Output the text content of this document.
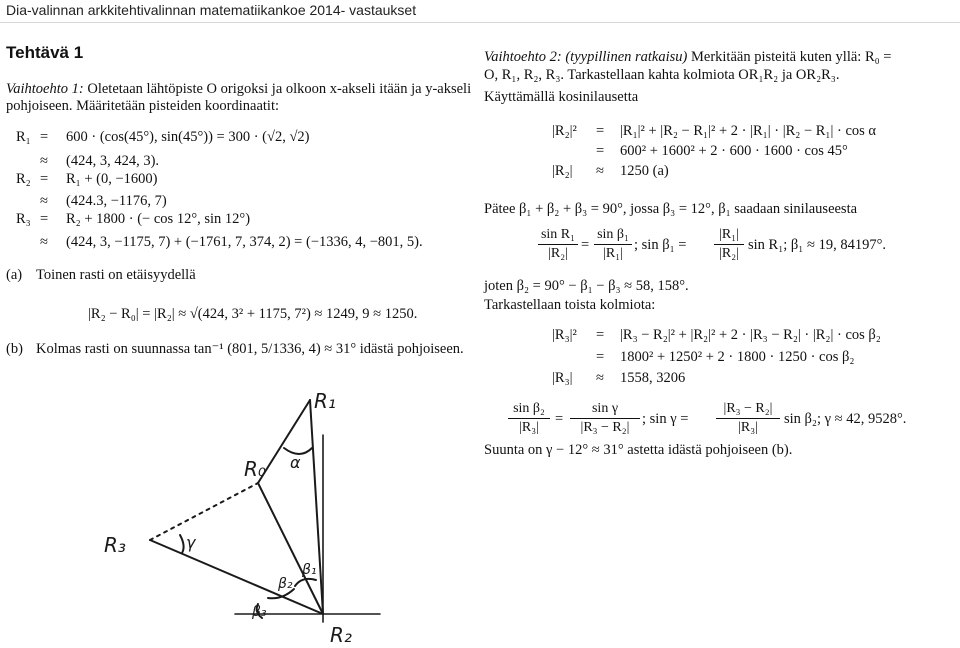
Dia-valinnan arkkitehtivalinnan matematiikankoe 2014- vastaukset
Tehtävä 1
Vaihtoehto 1: Oletetaan lähtöpiste O origoksi ja olkoon x-akseli itään ja y-akseli
pohjoiseen. Määritetään pisteiden koordinaatit:
R₁ = 600 · (cos(45°), sin(45°)) = 300 · (√2, √2)
≈ (424, 3, 424, 3).
R₂ = R₁ + (0, −1600)
≈ (424.3, −1176, 7)
R₃ = R₂ + 1800 · (− cos 12°, sin 12°)
≈ (424, 3, −1175, 7) + (−1761, 7, 374, 2) = (−1336, 4, −801, 5).
(a) Toinen rasti on etäisyydellä
|R₂ − R₀| = |R₂| ≈ √(424, 3² + 1175, 7²) ≈ 1249, 9 ≈ 1250.
(b) Kolmas rasti on suunnassa tan⁻¹ (801, 5/1336, 4) ≈ 31° idästä pohjoiseen.
Vaihtoehto 2: (tyypillinen ratkaisu) Merkitään pisteitä kuten yllä: R₀ =
O, R₁, R₂, R₃. Tarkastellaan kahta kolmiota OR₁R₂ ja OR₂R₃.
Käyttämällä kosinilausetta
|R₂|² = |R₁|² + |R₂ − R₁|² + 2 · |R₁| · |R₂ − R₁| · cos α
= 600² + 1600² + 2 · 600 · 1600 · cos 45°
|R₂| ≈ 1250 (a)
Pätee β₁ + β₂ + β₃ = 90°, jossa β₃ = 12°, β₁ saadaan sinilauseesta
$\frac{\text{sin R₁}}{\text{|R₂|}} = \frac{\text{sin β₁}}{\text{|R₁|}}$ ; $\sin \beta_1 = \frac{\text{|R₁|}}{\text{|R₂|}}$ sin R₁; β₁ ≈ 19, 84197°.
joten β₂ = 90° − β₁ − β₃ ≈ 58, 158°.
Tarkastellaan toista kolmiota:
|R₃|² = |R₃ − R₂|² + |R₂|² + 2 · |R₃ − R₂| · |R₂| · cos β₂
= 1800² + 1250² + 2 · 1800 · 1250 · cos β₂
|R₃| ≈ 1558, 3206
$\frac{\text{sin β₂}}{\text{|R₃|}} = \frac{\text{sin γ}}{\text{|R₃ − R₂|}}$ ; $\sin \gamma = \frac{\text{|R₃ − R₂|}}{\text{|R₃|}}$ sin β₂; γ ≈ 42, 9528°.
Suunta on γ − 12° ≈ 31° astetta idästä pohjoiseen (b).
R₁
R₀
R₃
R₂
α
β₁
β₂
β₃
γ
